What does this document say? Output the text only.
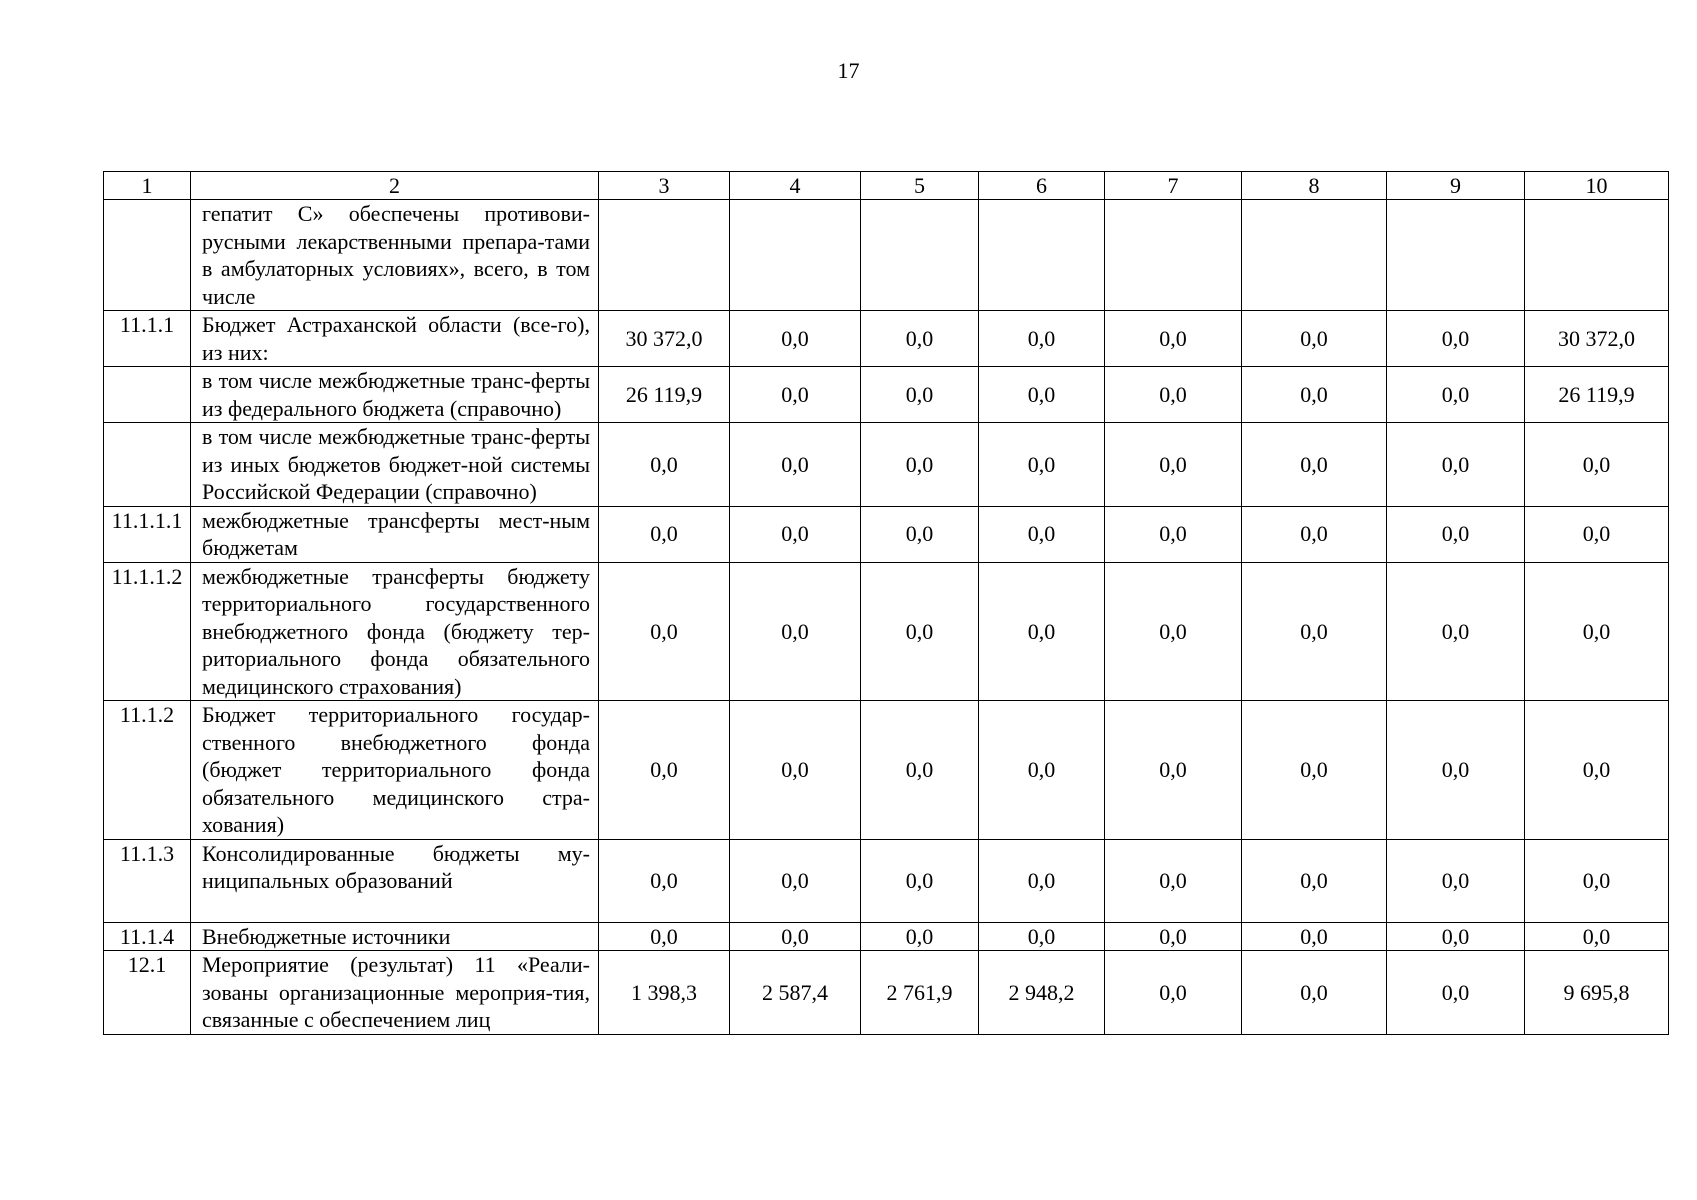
17
1	2	3	4	5	6	7	8	9	10
	гепатит С» обеспечены противови-русными лекарственными препара-тами в амбулаторных условиях», всего, в том числе								
11.1.1	Бюджет Астраханской области (все-го), из них:	30 372,0	0,0	0,0	0,0	0,0	0,0	0,0	30 372,0
	в том числе межбюджетные транс-ферты из федерального бюджета (справочно)	26 119,9	0,0	0,0	0,0	0,0	0,0	0,0	26 119,9
	в том числе межбюджетные транс-ферты из иных бюджетов бюджет-ной системы Российской Федерации (справочно)	0,0	0,0	0,0	0,0	0,0	0,0	0,0	0,0
11.1.1.1	межбюджетные трансферты мест-ным бюджетам	0,0	0,0	0,0	0,0	0,0	0,0	0,0	0,0
11.1.1.2	межбюджетные трансферты бюджету территориального государственного внебюджетного фонда (бюджету тер-риториального фонда обязательного медицинского страхования)	0,0	0,0	0,0	0,0	0,0	0,0	0,0	0,0
11.1.2	Бюджет территориального государ-ственного внебюджетного фонда (бюджет территориального фонда обязательного медицинского стра-хования)	0,0	0,0	0,0	0,0	0,0	0,0	0,0	0,0
11.1.3	Консолидированные бюджеты му-ниципальных образований	0,0	0,0	0,0	0,0	0,0	0,0	0,0	0,0
11.1.4	Внебюджетные источники	0,0	0,0	0,0	0,0	0,0	0,0	0,0	0,0
12.1	Мероприятие (результат) 11 «Реали-зованы организационные мероприя-тия, связанные с обеспечением лиц	1 398,3	2 587,4	2 761,9	2 948,2	0,0	0,0	0,0	9 695,8
